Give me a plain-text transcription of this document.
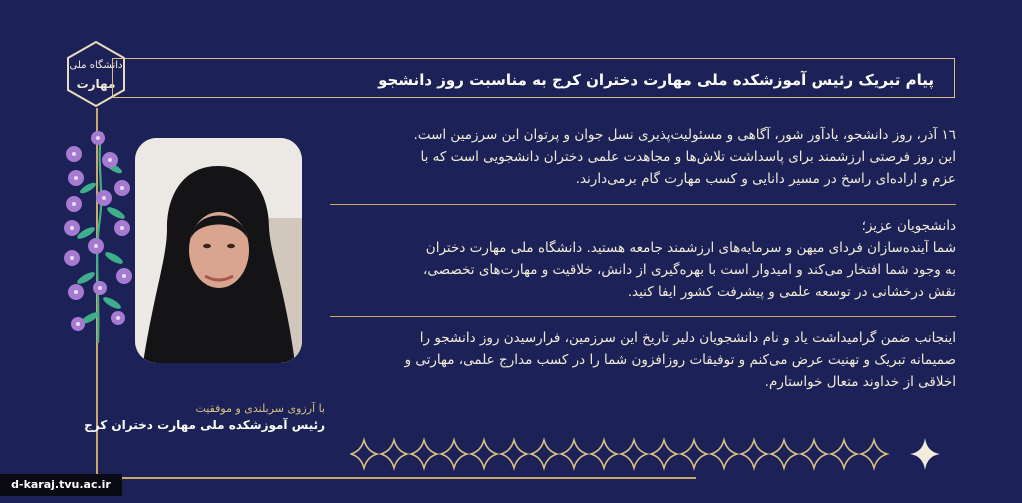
دانشگاه ملی
مهارت	پیام تبریک رئیس آموزشکده ملی مهارت دختران کرج به مناسبت روز دانشجو
١٦ آذر، روز دانشجو، یادآور شور، آگاهی و مسئولیت‌پذیری نسل جوان و پرتوان این سرزمین است.
این روز فرصتی ارزشمند برای پاسداشت تلاش‌ها و مجاهدت علمی دختران دانشجویی است که با
عزم و اراده‌ای راسخ در مسیر دانایی و کسب مهارت گام برمی‌دارند.
دانشجویان عزیز؛
شما آینده‌سازان فردای میهن و سرمایه‌های ارزشمند جامعه هستید. دانشگاه ملی مهارت دختران
به وجود شما افتخار می‌کند و امیدوار است با بهره‌گیری از دانش، خلاقیت و مهارت‌های تخصصی،
نقش درخشانی در توسعه علمی و پیشرفت کشور ایفا کنید.
اینجانب ضمن گرامیداشت یاد و نام دانشجویان دلیر تاریخ این سرزمین، فرارسیدن روز دانشجو را
صمیمانه تبریک و تهنیت عرض می‌کنم و توفیقات روزافزون شما را در کسب مدارج علمی، مهارتی و
اخلاقی از خداوند متعال خواستارم.
با آرزوی سربلندی و موفقیت
رئیس آموزشکده ملی مهارت دختران کرج
d-karaj.tvu.ac.ir
